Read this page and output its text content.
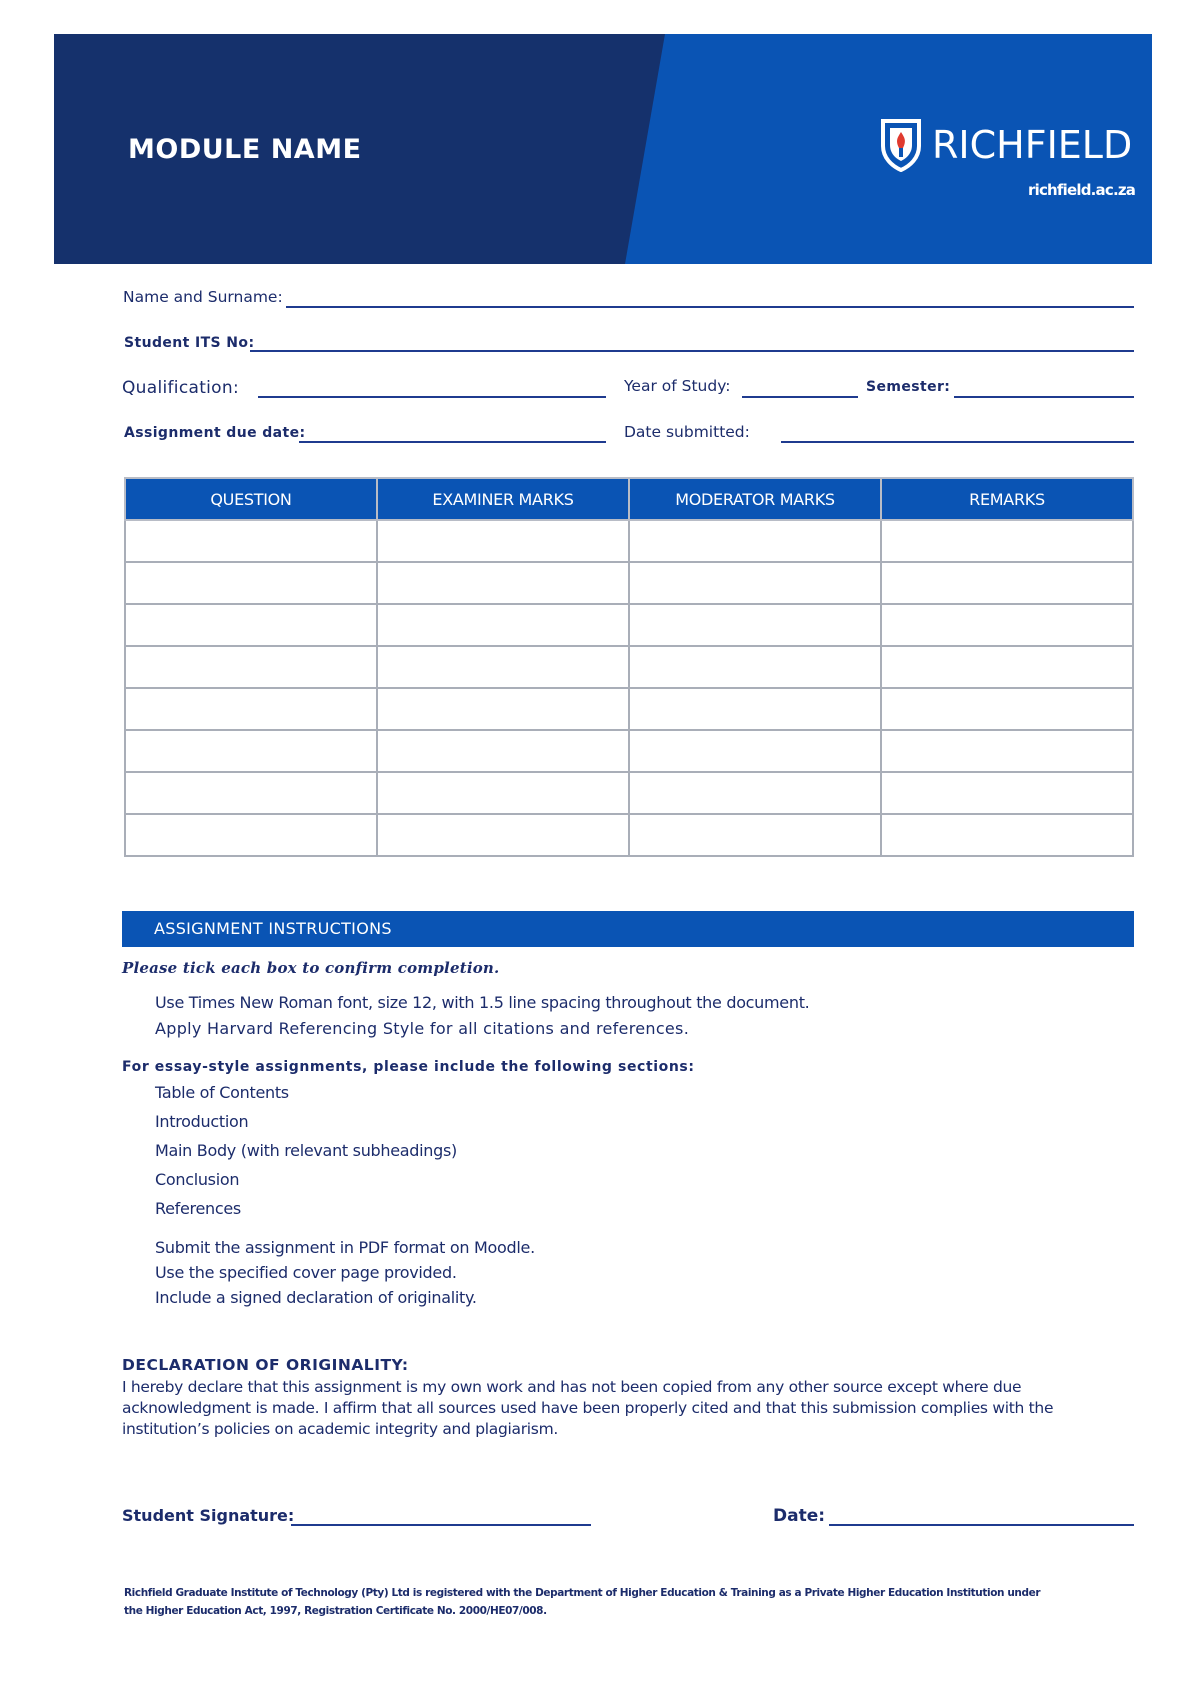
MODULE NAME	RICHFIELD
richfield.ac.za
Name and Surname:
Student ITS No:
Qualification:	Year of Study:	Semester:
Assignment due date:	Date submitted:
QUESTION	EXAMINER MARKS	MODERATOR MARKS	REMARKS

ASSIGNMENT INSTRUCTIONS
Please tick each box to confirm completion.
Use Times New Roman font, size 12, with 1.5 line spacing throughout the document.
Apply Harvard Referencing Style for all citations and references.
For essay-style assignments, please include the following sections:
Table of Contents
Introduction
Main Body (with relevant subheadings)
Conclusion
References
Submit the assignment in PDF format on Moodle.
Use the specified cover page provided.
Include a signed declaration of originality.
DECLARATION OF ORIGINALITY:
I hereby declare that this assignment is my own work and has not been copied from any other source except where due acknowledgment is made. I affirm that all sources used have been properly cited and that this submission complies with the institution’s policies on academic integrity and plagiarism.
Student Signature:	Date:
Richfield Graduate Institute of Technology (Pty) Ltd is registered with the Department of Higher Education & Training as a Private Higher Education Institution under the Higher Education Act, 1997, Registration Certificate No. 2000/HE07/008.
